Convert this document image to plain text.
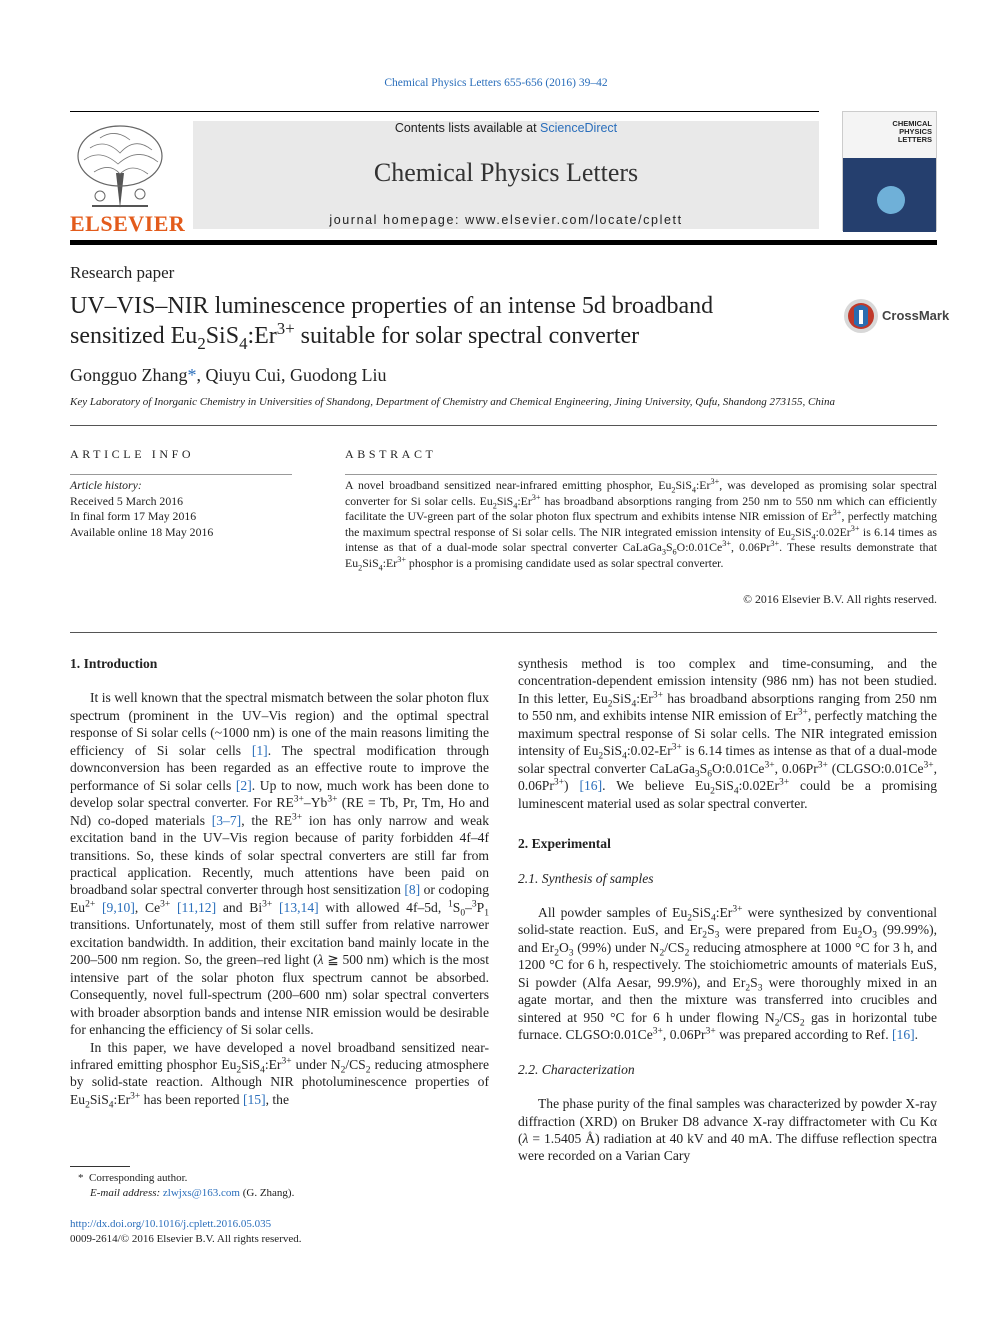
Chemical Physics Letters 655-656 (2016) 39–42
ELSEVIER
Contents lists available at ScienceDirect
Chemical Physics Letters
journal homepage: www.elsevier.com/locate/cplett
CHEMICAL
PHYSICS
LETTERS
Research paper
UV–VIS–NIR luminescence properties of an intense 5d broadband
sensitized $Eu_2SiS_4:Er^{3+}$ suitable for solar spectral converter
CrossMark
Gongguo Zhang*, Qiuyu Cui, Guodong Liu
Key Laboratory of Inorganic Chemistry in Universities of Shandong, Department of Chemistry and Chemical Engineering, Jining University, Qufu, Shandong 273155, China
ARTICLE INFO
Article history:
Received 5 March 2016
In final form 17 May 2016
Available online 18 May 2016
ABSTRACT
A novel broadband sensitized near-infrared emitting phosphor, $Eu_2SiS_4:Er^{3+}$, was developed as promising solar spectral converter for Si solar cells. $Eu_2SiS_4:Er^{3+}$ has broadband absorptions ranging from 250 nm to 550 nm which can efficiently facilitate the UV-green part of the solar photon flux spectrum and exhibits intense NIR emission of $Er^{3+}$, perfectly matching the maximum spectral response of Si solar cells. The NIR integrated emission intensity of $Eu_2SiS_4:0.02Er^{3+}$ is 6.14 times as intense as that of a dual-mode solar spectral converter $CaLaGa_3S_6O:0.01Ce^{3+}$, $0.06Pr^{3+}$. These results demonstrate that $Eu_2SiS_4:Er^{3+}$ phosphor is a promising candidate used as solar spectral converter.
© 2016 Elsevier B.V. All rights reserved.
1. Introduction

It is well known that the spectral mismatch between the solar photon flux spectrum (prominent in the UV–Vis region) and the optimal spectral response of Si solar cells (~1000 nm) is one of the main reasons limiting the efficiency of Si solar cells [1]. The spectral modification through downconversion has been regarded as an effective route to improve the performance of Si solar cells [2]. Up to now, much work has been done to develop solar spectral converter. For $RE^{3+}-Yb^{3+}$ (RE = Tb, Pr, Tm, Ho and Nd) co-doped materials [3–7], the $RE^{3+}$ ion has only narrow and weak excitation band in the UV–Vis region because of parity forbidden 4f–4f transitions. So, these kinds of solar spectral converters are still far from practical application. Recently, much attentions have been paid on broadband solar spectral converter through host sensitization [8] or codoping $Eu^{2+}$ [9,10], $Ce^{3+}$ [11,12] and $Bi^{3+}$ [13,14] with allowed 4f–5d, $^1S_0-^3P_1$ transitions. Unfortunately, most of them still suffer from relative narrower excitation bandwidth. In addition, their excitation band mainly locate in the 200–500 nm region. So, the green–red light (λ ≧ 500 nm) which is the most intensive part of the solar photon flux spectrum cannot be absorbed. Consequently, novel full-spectrum (200–600 nm) solar spectral converters with broader absorption bands and intense NIR emission would be desirable for enhancing the efficiency of Si solar cells.

In this paper, we have developed a novel broadband sensitized near-infrared emitting phosphor $Eu_2SiS_4:Er^{3+}$ under $N_2/CS_2$ reducing atmosphere by solid-state reaction. Although NIR photoluminescence properties of $Eu_2SiS_4:Er^{3+}$ has been reported [15], the

* Corresponding author.
E-mail address: zlwjxs@163.com (G. Zhang).
http://dx.doi.org/10.1016/j.cplett.2016.05.035
0009-2614/© 2016 Elsevier B.V. All rights reserved.

synthesis method is too complex and time-consuming, and the concentration-dependent emission intensity (986 nm) has not been studied. In this letter, $Eu_2SiS_4:Er^{3+}$ has broadband absorptions ranging from 250 nm to 550 nm, and exhibits intense NIR emission of $Er^{3+}$, perfectly matching the maximum spectral response of Si solar cells. The NIR integrated emission intensity of $Eu_2SiS_4:0.02-Er^{3+}$ is 6.14 times as intense as that of a dual-mode solar spectral converter $CaLaGa_3S_6O:0.01Ce^{3+}$, $0.06Pr^{3+}$ ($CLGSO:0.01Ce^{3+}$, $0.06Pr^{3+}$) [16]. We believe $Eu_2SiS_4:0.02Er^{3+}$ could be a promising luminescent material used as solar spectral converter.

2. Experimental
2.1. Synthesis of samples

All powder samples of $Eu_2SiS_4:Er^{3+}$ were synthesized by conventional solid-state reaction. EuS, and $Er_2S_3$ were prepared from $Eu_2O_3$ (99.99%), and $Er_2O_3$ (99%) under $N_2/CS_2$ reducing atmosphere at 1000 °C for 3 h, and 1200 °C for 6 h, respectively. The stoichiometric amounts of materials EuS, Si powder (Alfa Aesar, 99.9%), and $Er_2S_3$ were thoroughly mixed in an agate mortar, and then the mixture was transferred into crucibles and sintered at 950 °C for 6 h under flowing $N_2/CS_2$ gas in horizontal tube furnace. $CLGSO:0.01Ce^{3+}$, $0.06Pr^{3+}$ was prepared according to Ref. [16].

2.2. Characterization

The phase purity of the final samples was characterized by powder X-ray diffraction (XRD) on Bruker D8 advance X-ray diffractometer with Cu Kα (λ = 1.5405 Å) radiation at 40 kV and 40 mA. The diffuse reflection spectra were recorded on a Varian Cary
